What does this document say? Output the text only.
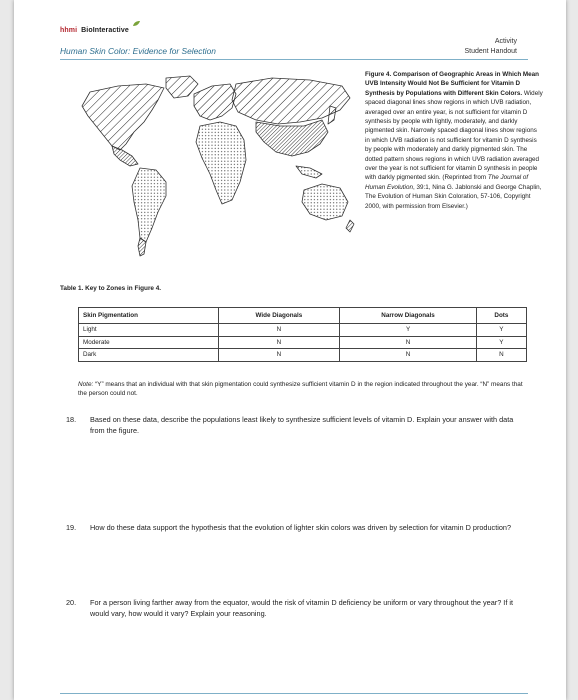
hhmi BioInteractive
Human Skin Color: Evidence for Selection
Activity
Student Handout
Figure 4. Comparison of Geographic Areas in Which Mean UVB Intensity Would Not Be Sufficient for Vitamin D Synthesis by Populations with Different Skin Colors. Widely spaced diagonal lines show regions in which UVB radiation, averaged over an entire year, is not sufficient for vitamin D synthesis by people with lightly, moderately, and darkly pigmented skin. Narrowly spaced diagonal lines show regions in which UVB radiation is not sufficient for vitamin D synthesis by people with moderately and darkly pigmented skin. The dotted pattern shows regions in which UVB radiation averaged over the year is not sufficient for vitamin D synthesis in people with darkly pigmented skin. (Reprinted from The Journal of Human Evolution, 39:1, Nina G. Jablonski and George Chaplin, The Evolution of Human Skin Coloration, 57-106, Copyright 2000, with permission from Elsevier.)
Table 1. Key to Zones in Figure 4.
Skin Pigmentation	Wide Diagonals	Narrow Diagonals	Dots
Light	N	Y	Y
Moderate	N	N	Y
Dark	N	N	N
Note: “Y” means that an individual with that skin pigmentation could synthesize sufficient vitamin D in the region indicated throughout the year. “N” means that the person could not.
18. Based on these data, describe the populations least likely to synthesize sufficient levels of vitamin D. Explain your answer with data from the figure.
19. How do these data support the hypothesis that the evolution of lighter skin colors was driven by selection for vitamin D production?
20. For a person living farther away from the equator, would the risk of vitamin D deficiency be uniform or vary throughout the year? If it would vary, how would it vary? Explain your reasoning.
